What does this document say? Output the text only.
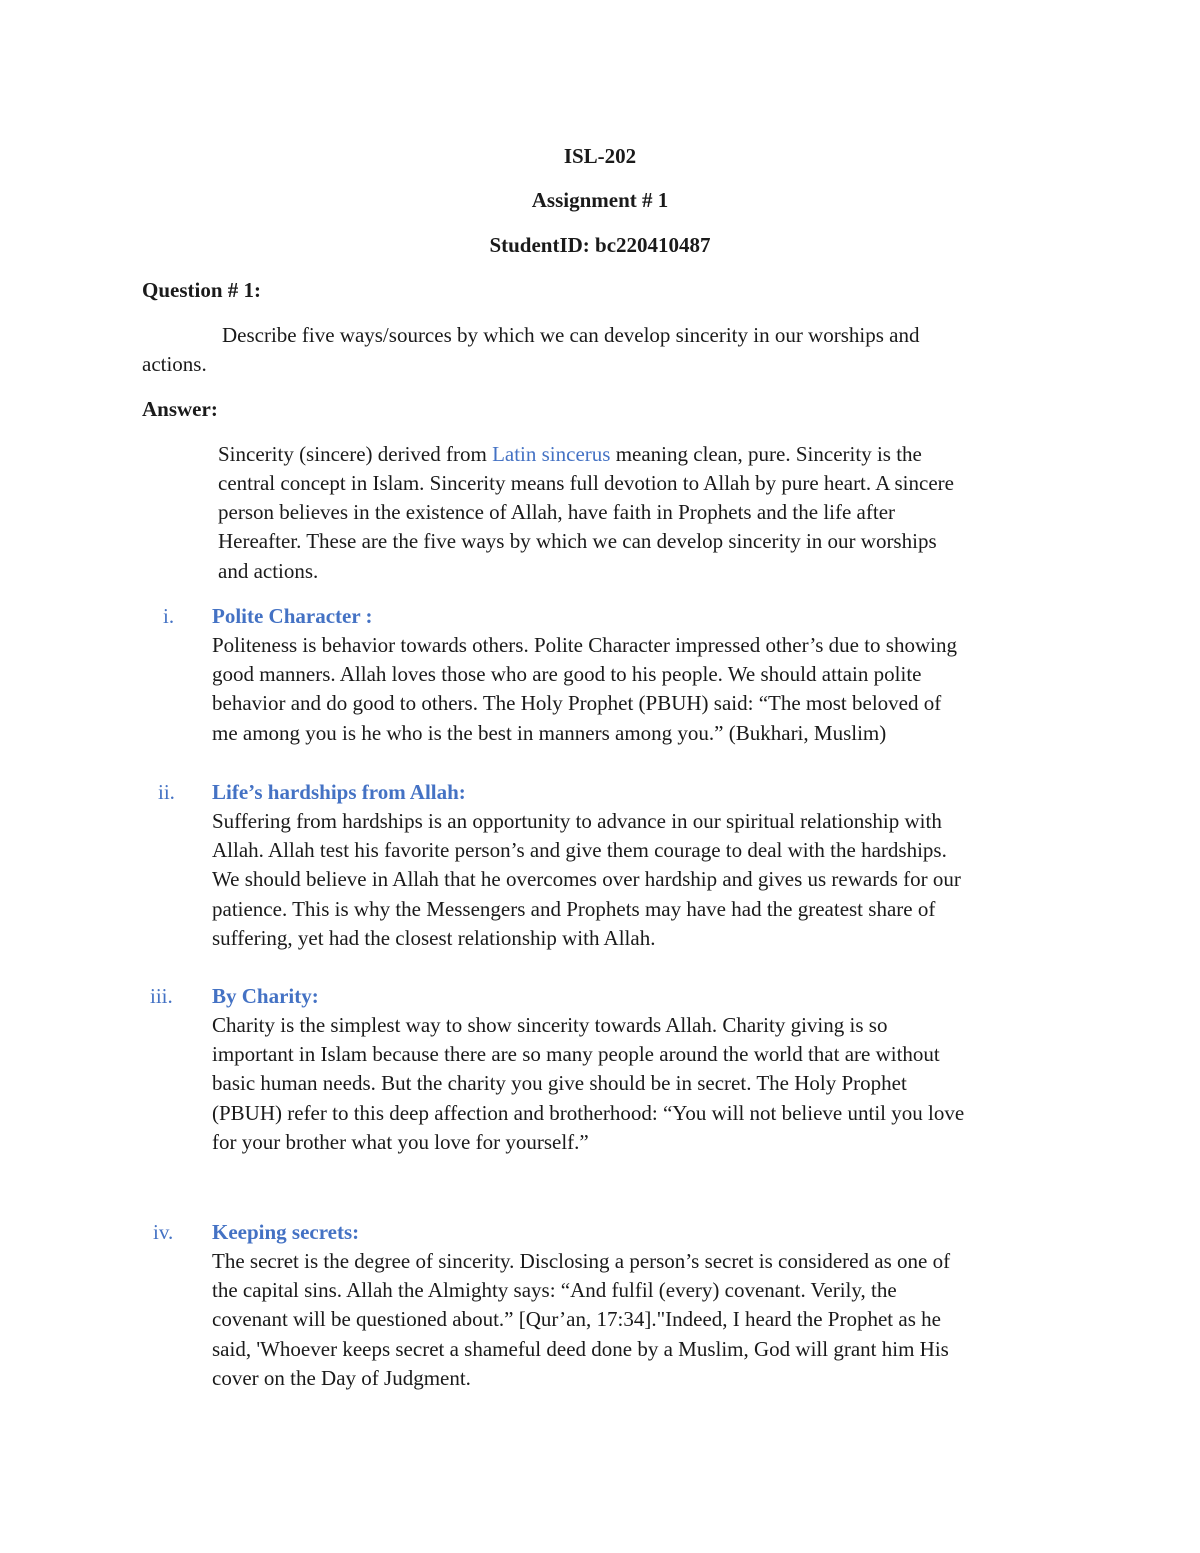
ISL-202
Assignment # 1
StudentID: bc220410487
Question # 1:
Describe five ways/sources by which we can develop sincerity in our worships and
actions.
Answer:
Sincerity (sincere) derived from Latin sincerus meaning clean, pure. Sincerity is the
central concept in Islam. Sincerity means full devotion to Allah by pure heart. A sincere
person believes in the existence of Allah, have faith in Prophets and the life after
Hereafter. These are the five ways by which we can develop sincerity in our worships
and actions.
i. Polite Character :
Politeness is behavior towards others. Polite Character impressed other’s due to showing
good manners. Allah loves those who are good to his people. We should attain polite
behavior and do good to others. The Holy Prophet (PBUH) said: “The most beloved of
me among you is he who is the best in manners among you.” (Bukhari, Muslim)
ii. Life’s hardships from Allah:
Suffering from hardships is an opportunity to advance in our spiritual relationship with
Allah. Allah test his favorite person’s and give them courage to deal with the hardships.
We should believe in Allah that he overcomes over hardship and gives us rewards for our
patience. This is why the Messengers and Prophets may have had the greatest share of
suffering, yet had the closest relationship with Allah.
iii. By Charity:
Charity is the simplest way to show sincerity towards Allah. Charity giving is so
important in Islam because there are so many people around the world that are without
basic human needs. But the charity you give should be in secret. The Holy Prophet
(PBUH) refer to this deep affection and brotherhood: “You will not believe until you love
for your brother what you love for yourself.”
iv. Keeping secrets:
The secret is the degree of sincerity. Disclosing a person’s secret is considered as one of
the capital sins. Allah the Almighty says: “And fulfil (every) covenant. Verily, the
covenant will be questioned about.” [Qur’an, 17:34]."Indeed, I heard the Prophet as he
said, 'Whoever keeps secret a shameful deed done by a Muslim, God will grant him His
cover on the Day of Judgment.
